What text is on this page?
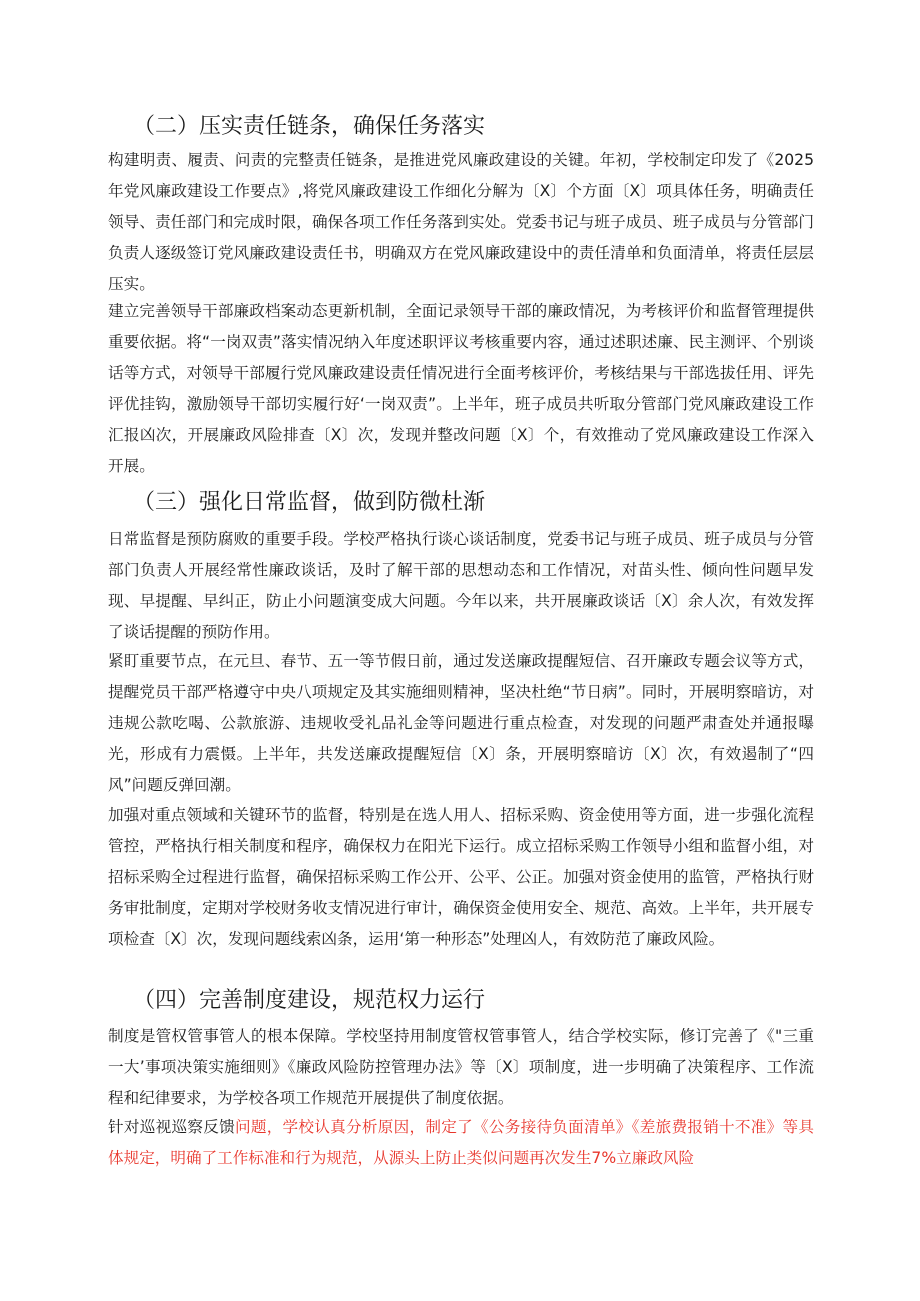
（二）压实责任链条，确保任务落实

构建明责、履责、问责的完整责任链条，是推进党风廉政建设的关键。年初，学校制定印发了《2025年党风廉政建设工作要点》,将党风廉政建设工作细化分解为〔X〕个方面〔X〕项具体任务，明确责任领导、责任部门和完成时限，确保各项工作任务落到实处。党委书记与班子成员、班子成员与分管部门负责人逐级签订党风廉政建设责任书，明确双方在党风廉政建设中的责任清单和负面清单，将责任层层压实。

建立完善领导干部廉政档案动态更新机制，全面记录领导干部的廉政情况，为考核评价和监督管理提供重要依据。将“一岗双责”落实情况纳入年度述职评议考核重要内容，通过述职述廉、民主测评、个别谈话等方式，对领导干部履行党风廉政建设责任情况进行全面考核评价，考核结果与干部选拔任用、评先评优挂钩，激励领导干部切实履行好‘一岗双责”。上半年，班子成员共听取分管部门党风廉政建设工作汇报凶次，开展廉政风险排查〔X〕次，发现并整改问题〔X〕个，有效推动了党风廉政建设工作深入开展。

（三）强化日常监督，做到防微杜渐

日常监督是预防腐败的重要手段。学校严格执行谈心谈话制度，党委书记与班子成员、班子成员与分管部门负责人开展经常性廉政谈话，及时了解干部的思想动态和工作情况，对苗头性、倾向性问题早发现、早提醒、早纠正，防止小问题演变成大问题。今年以来，共开展廉政谈话〔X〕余人次，有效发挥了谈话提醒的预防作用。

紧盯重要节点，在元旦、春节、五一等节假日前，通过发送廉政提醒短信、召开廉政专题会议等方式，提醒党员干部严格遵守中央八项规定及其实施细则精神，坚决杜绝“节日病”。同时，开展明察暗访，对违规公款吃喝、公款旅游、违规收受礼品礼金等问题进行重点检查，对发现的问题严肃查处并通报曝光，形成有力震慑。上半年，共发送廉政提醒短信〔X〕条，开展明察暗访〔X〕次，有效遏制了“四风”问题反弹回潮。

加强对重点领域和关键环节的监督，特别是在选人用人、招标采购、资金使用等方面，进一步强化流程管控，严格执行相关制度和程序，确保权力在阳光下运行。成立招标采购工作领导小组和监督小组，对招标采购全过程进行监督，确保招标采购工作公开、公平、公正。加强对资金使用的监管，严格执行财务审批制度，定期对学校财务收支情况进行审计，确保资金使用安全、规范、高效。上半年，共开展专项检查〔X〕次，发现问题线索凶条，运用‘第一种形态”处理凶人，有效防范了廉政风险。

（四）完善制度建设，规范权力运行

制度是管权管事管人的根本保障。学校坚持用制度管权管事管人，结合学校实际，修订完善了《"三重一大’事项决策实施细则》《廉政风险防控管理办法》等〔X〕项制度，进一步明确了决策程序、工作流程和纪律要求，为学校各项工作规范开展提供了制度依据。

针对巡视巡察反馈问题，学校认真分析原因，制定了《公务接待负面清单》《差旅费报销十不准》等具体规定，明确了工作标准和行为规范，从源头上防止类似问题再次发生7%立廉政风险
